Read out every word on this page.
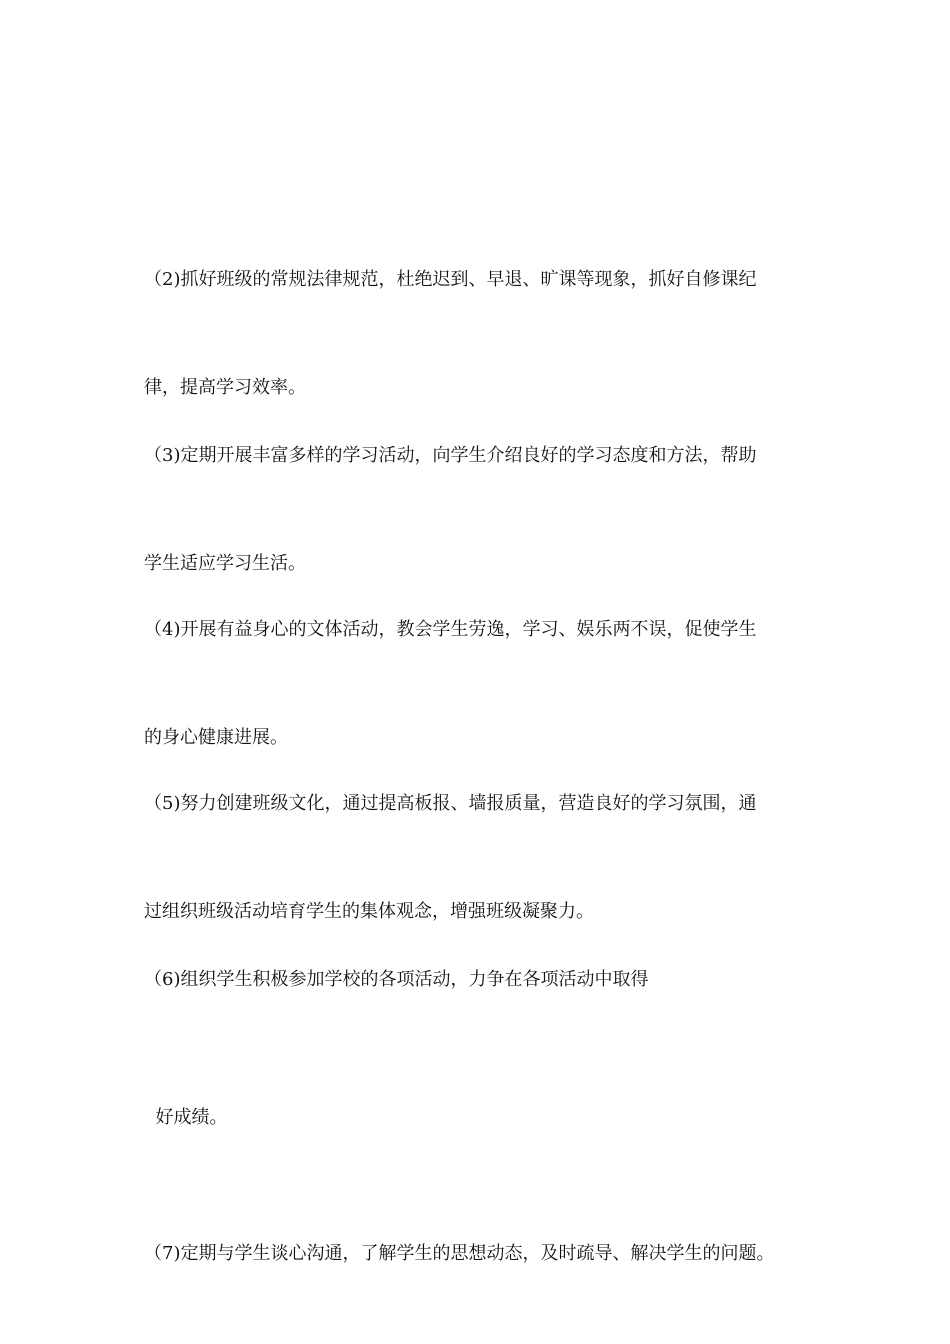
（2)抓好班级的常规法律规范，杜绝迟到、早退、旷课等现象，抓好自修课纪

律，提高学习效率。

（3)定期开展丰富多样的学习活动，向学生介绍良好的学习态度和方法，帮助

学生适应学习生活。

（4)开展有益身心的文体活动，教会学生劳逸，学习、娱乐两不误，促使学生

的身心健康进展。

（5)努力创建班级文化，通过提高板报、墙报质量，营造良好的学习氛围，通

过组织班级活动培育学生的集体观念，增强班级凝聚力。

（6)组织学生积极参加学校的各项活动，力争在各项活动中取得

好成绩。

（7)定期与学生谈心沟通，了解学生的思想动态，及时疏导、解决学生的问题。
